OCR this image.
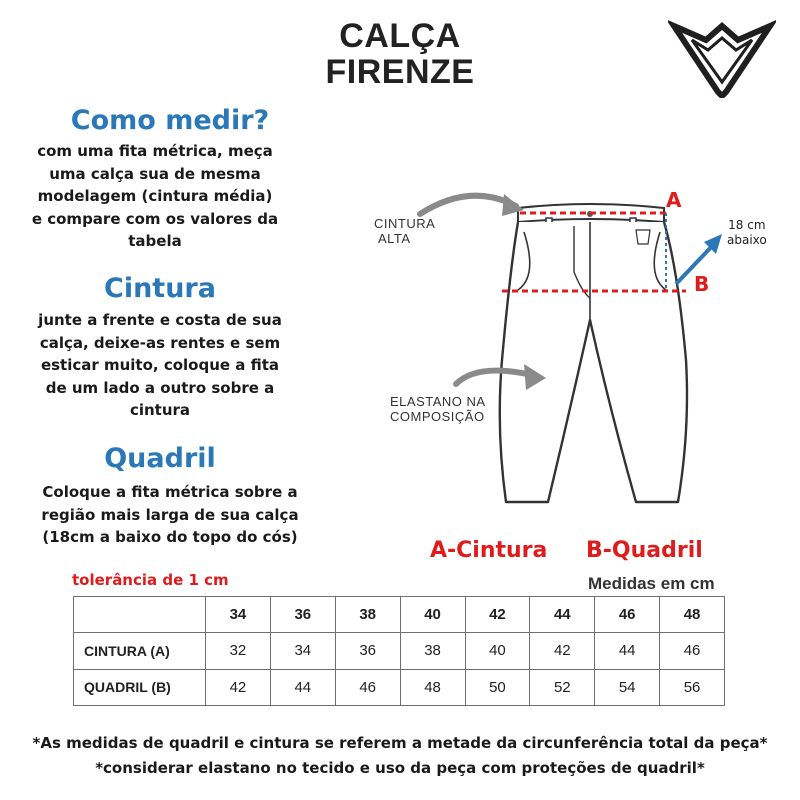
CALÇA
FIRENZE
Como medir?
com uma fita métrica, meça
uma calça sua de mesma
modelagem (cintura média)
e compare com os valores da
tabela
Cintura
junte a frente e costa de sua
calça, deixe-as rentes e sem
esticar muito, coloque a fita
de um lado a outro sobre a
cintura
Quadril
Coloque a fita métrica sobre a
região mais larga de sua calça
(18cm a baixo do topo do cós)
CINTURA
ALTA
ELASTANO NA
COMPOSIÇÃO
A
B
18 cm
abaixo
A-Cintura B-Quadril
tolerância de 1 cm	Medidas em cm
	34	36	38	40	42	44	46	48
CINTURA (A)	32	34	36	38	40	42	44	46
QUADRIL (B)	42	44	46	48	50	52	54	56
*As medidas de quadril e cintura se referem a metade da circunferência total da peça*
*considerar elastano no tecido e uso da peça com proteções de quadril*
